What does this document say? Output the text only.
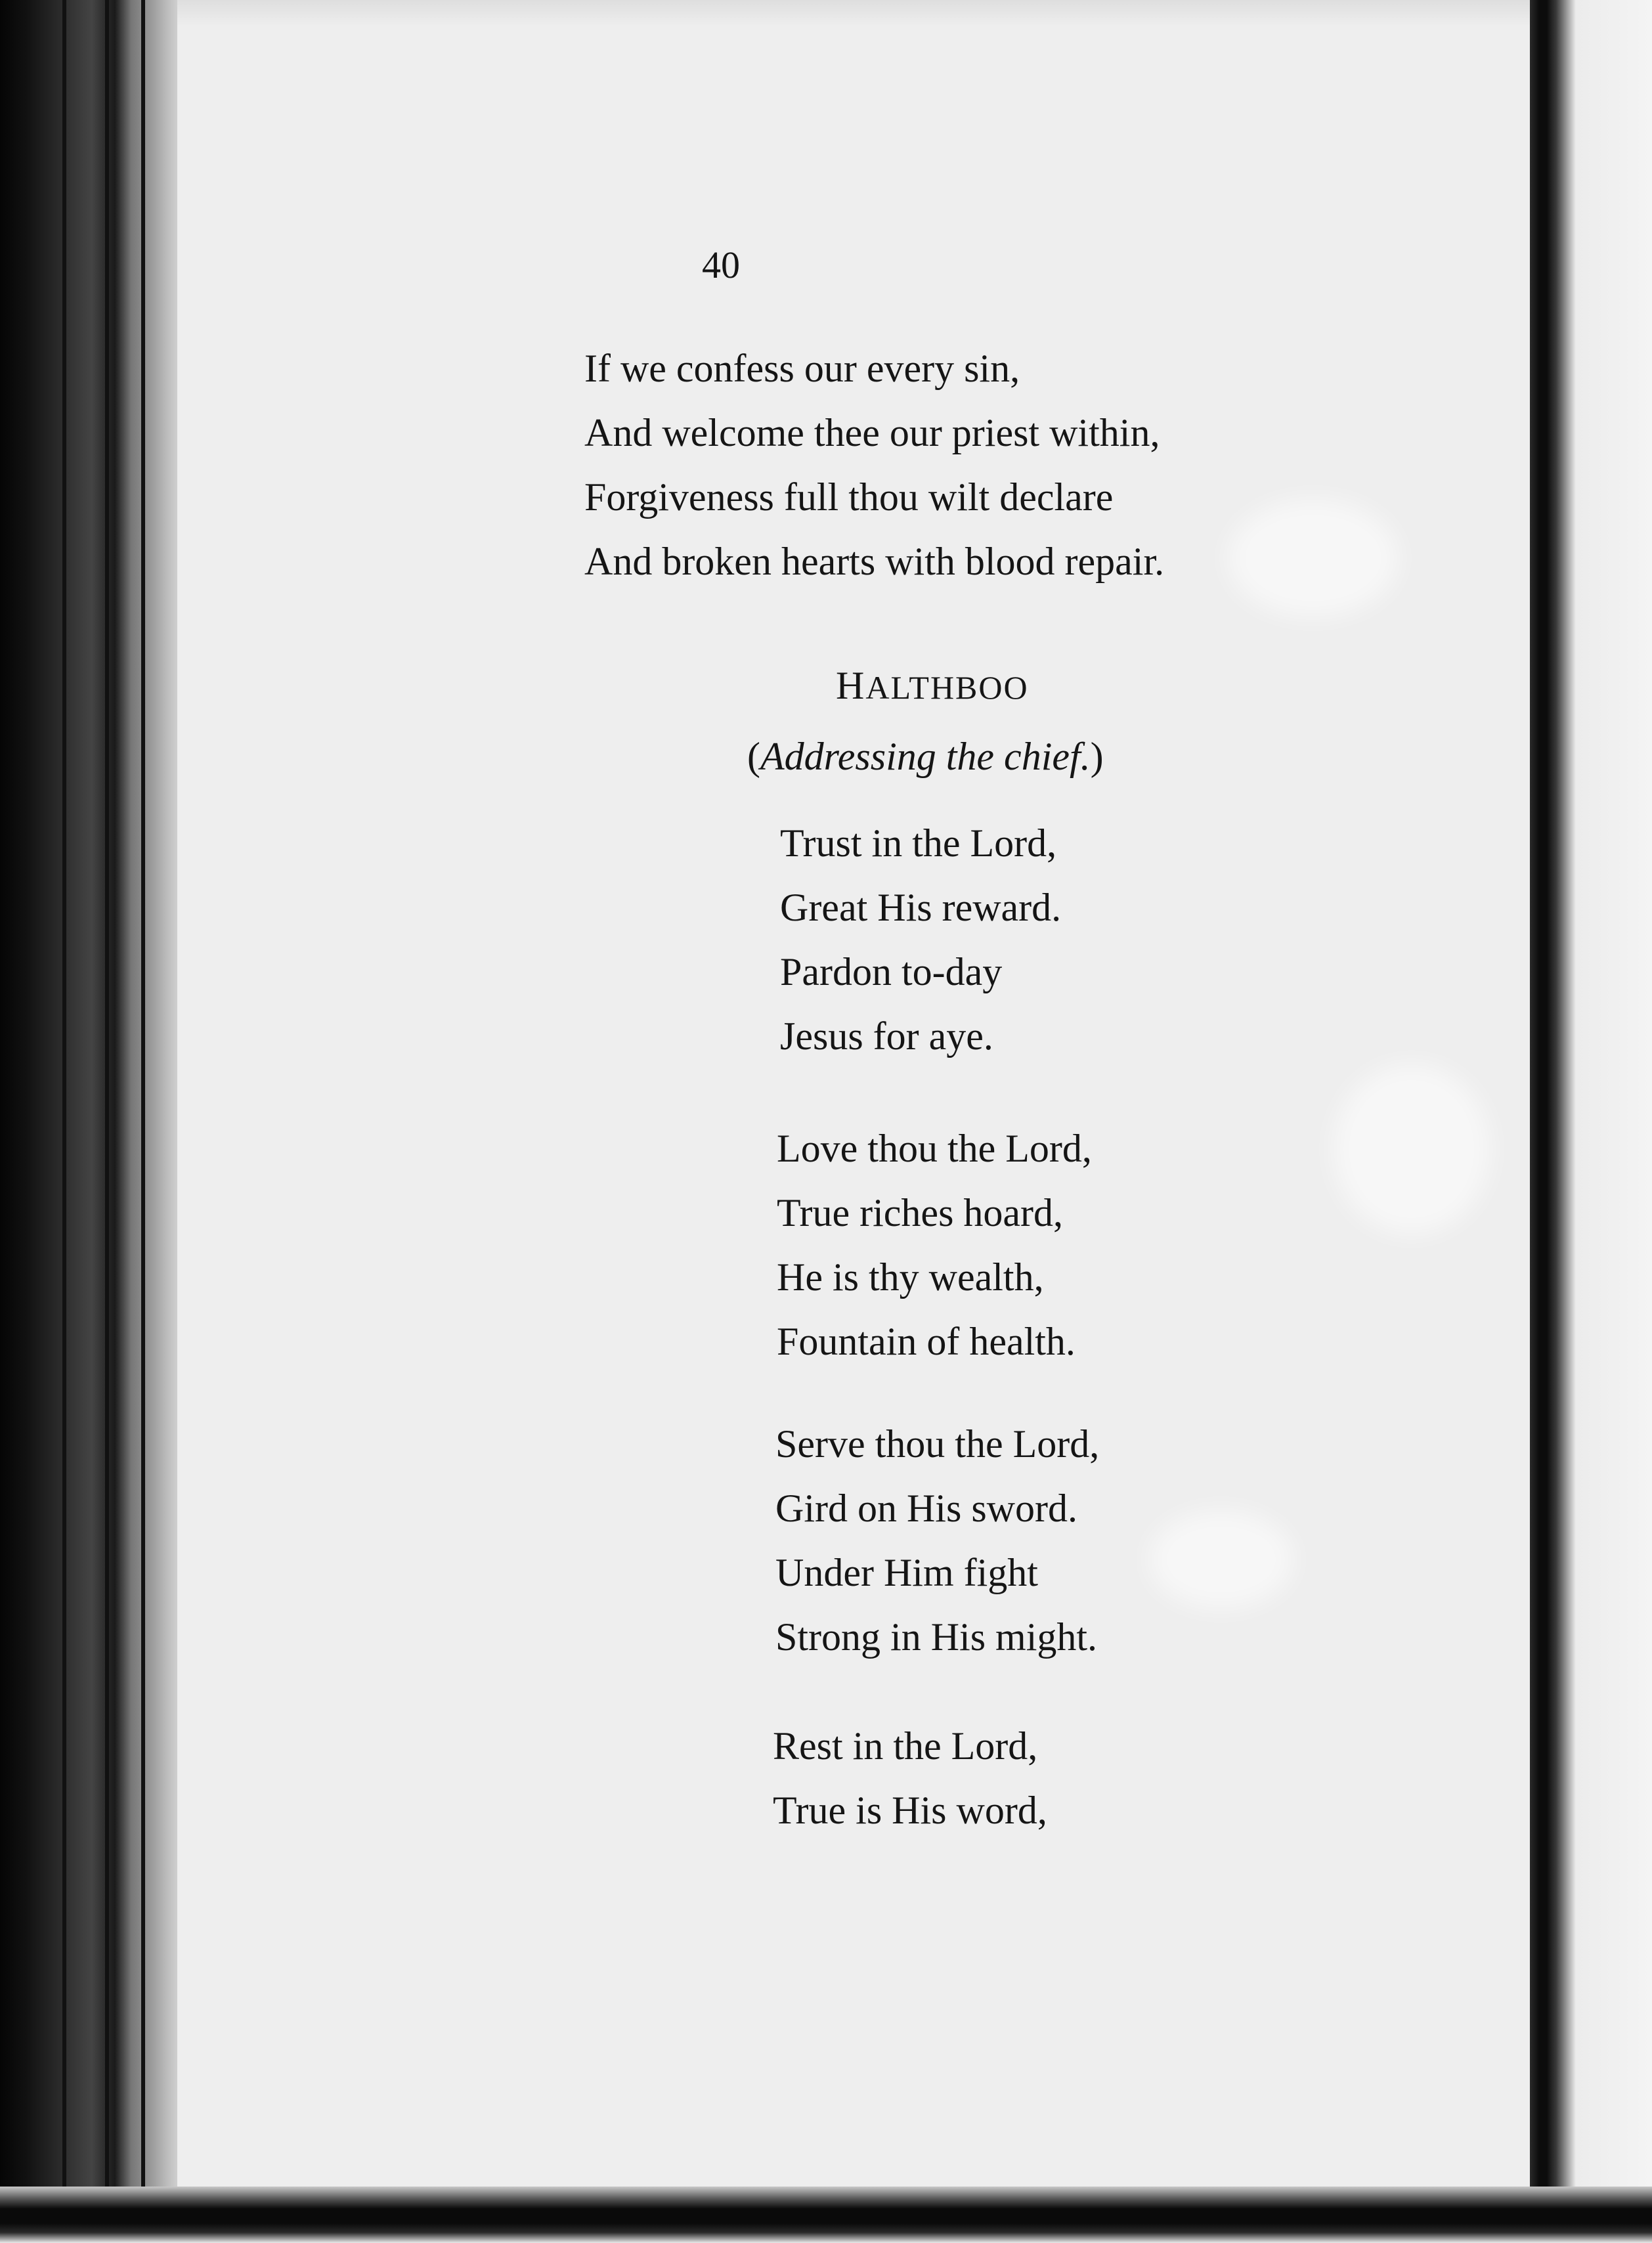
40
If we confess our every sin,
And welcome thee our priest within,
Forgiveness full thou wilt declare
And broken hearts with blood repair.
HALTHBOO
(Addressing the chief.)
Trust in the Lord,
Great His reward.
Pardon to-day
Jesus for aye.
Love thou the Lord,
True riches hoard,
He is thy wealth,
Fountain of health.
Serve thou the Lord,
Gird on His sword.
Under Him fight
Strong in His might.
Rest in the Lord,
True is His word,
